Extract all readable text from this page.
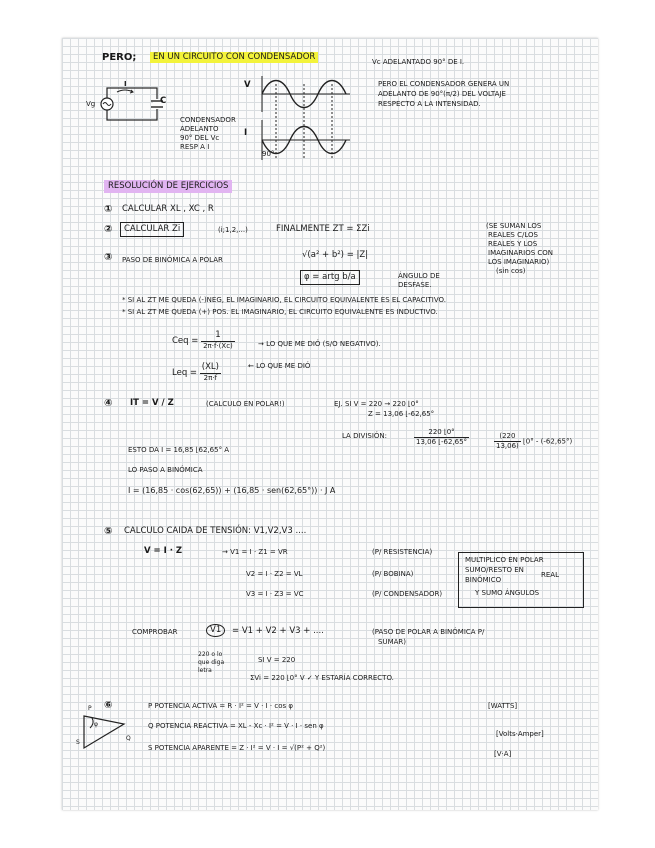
PERO;	EN UN CIRCUITO CON CONDENSADOR	Vc ADELANTADO 90° DE I.
I
C
Vg
CONDENSADOR
ADELANTO
90° DEL Vc
RESP A I
V
I
90°
PERO EL CONDENSADOR GENERA UN
ADELANTO DE 90°(π/2) DEL VOLTAJE
RESPECTO A LA INTENSIDAD.
RESOLUCIÓN DE EJERCICIOS
① CALCULAR XL , XC , R
②	CALCULAR Zi	(i;1,2,...)	FINALMENTE ZT = ΣZi	(SE SUMAN LOS
REALES C/LOS
REALES Y LOS
IMAGINARIOS CON
LOS IMAGINARIO)
(sin cos)
③ PASO DE BINÓMICA A POLAR	√(a² + b²) = |Z|
φ = artg b/a	ÁNGULO DE
DESFASE.
* SI AL ZT ME QUEDA (-)NEG, EL IMAGINARIO, EL CIRCUITO EQUIVALENTE ES EL CAPACITIVO.
* SI AL ZT ME QUEDA (+) POS. EL IMAGINARIO, EL CIRCUITO EQUIVALENTE ES INDUCTIVO.
Ceq = $\frac{1}{2\pi\cdot f\cdot(Xc)}$	→ LO QUE ME DIÓ (S/O NEGATIVO).
Leq = $\frac{(XL)}{2\pi\cdot f}$	← LO QUE ME DIÓ
④ IT = V / Z	(CALCULO EN POLAR!)	EJ. SI V = 220 → 220 ⌊0°
Z = 13,06 ⌊-62,65°
LA DIVISIÓN:	$\frac{220 ⌊0^\circ}{13,06 ⌊-62,65^\circ}$	$\frac{(220}{13,06)}$ ⌊0° - (-62,65°)
ESTO DA I = 16,85 ⌊62,65° A
LO PASO A BINÓMICA
I = (16,85 · cos(62,65)) + (16,85 · sen(62,65°)) · J A
⑤ CALCULO CAIDA DE TENSIÓN: V1,V2,V3 ....
V = I · Z	→ V1 = I · Z1 = VR	(P/ RESISTENCIA)
V2 = I · Z2 = VL	(P/ BOBINA)
V3 = I · Z3 = VC	(P/ CONDENSADOR)
MULTIPLICO EN POLAR
SUMO/RESTO EN
BINÓMICO
REAL
Y SUMO ÁNGULOS
COMPROBAR	V1	= V1 + V2 + V3 + ....	(PASO DE POLAR A BINÓMICA P/
SUMAR)
220 o lo
que diga
letra
SI V = 220
ΣVi = 220 ⌊0° V ✓ Y ESTARÍA CORRECTO.
⑥	P POTENCIA ACTIVA = R · I² = V · I · cos φ	[WATTS]
Q POTENCIA REACTIVA = XL - Xc · I² = V · I · sen φ
[Volts·Amper]
S POTENCIA APARENTE = Z · I² = V · I = √(P² + Q²)
[V·A]
P
Q
S
φ
